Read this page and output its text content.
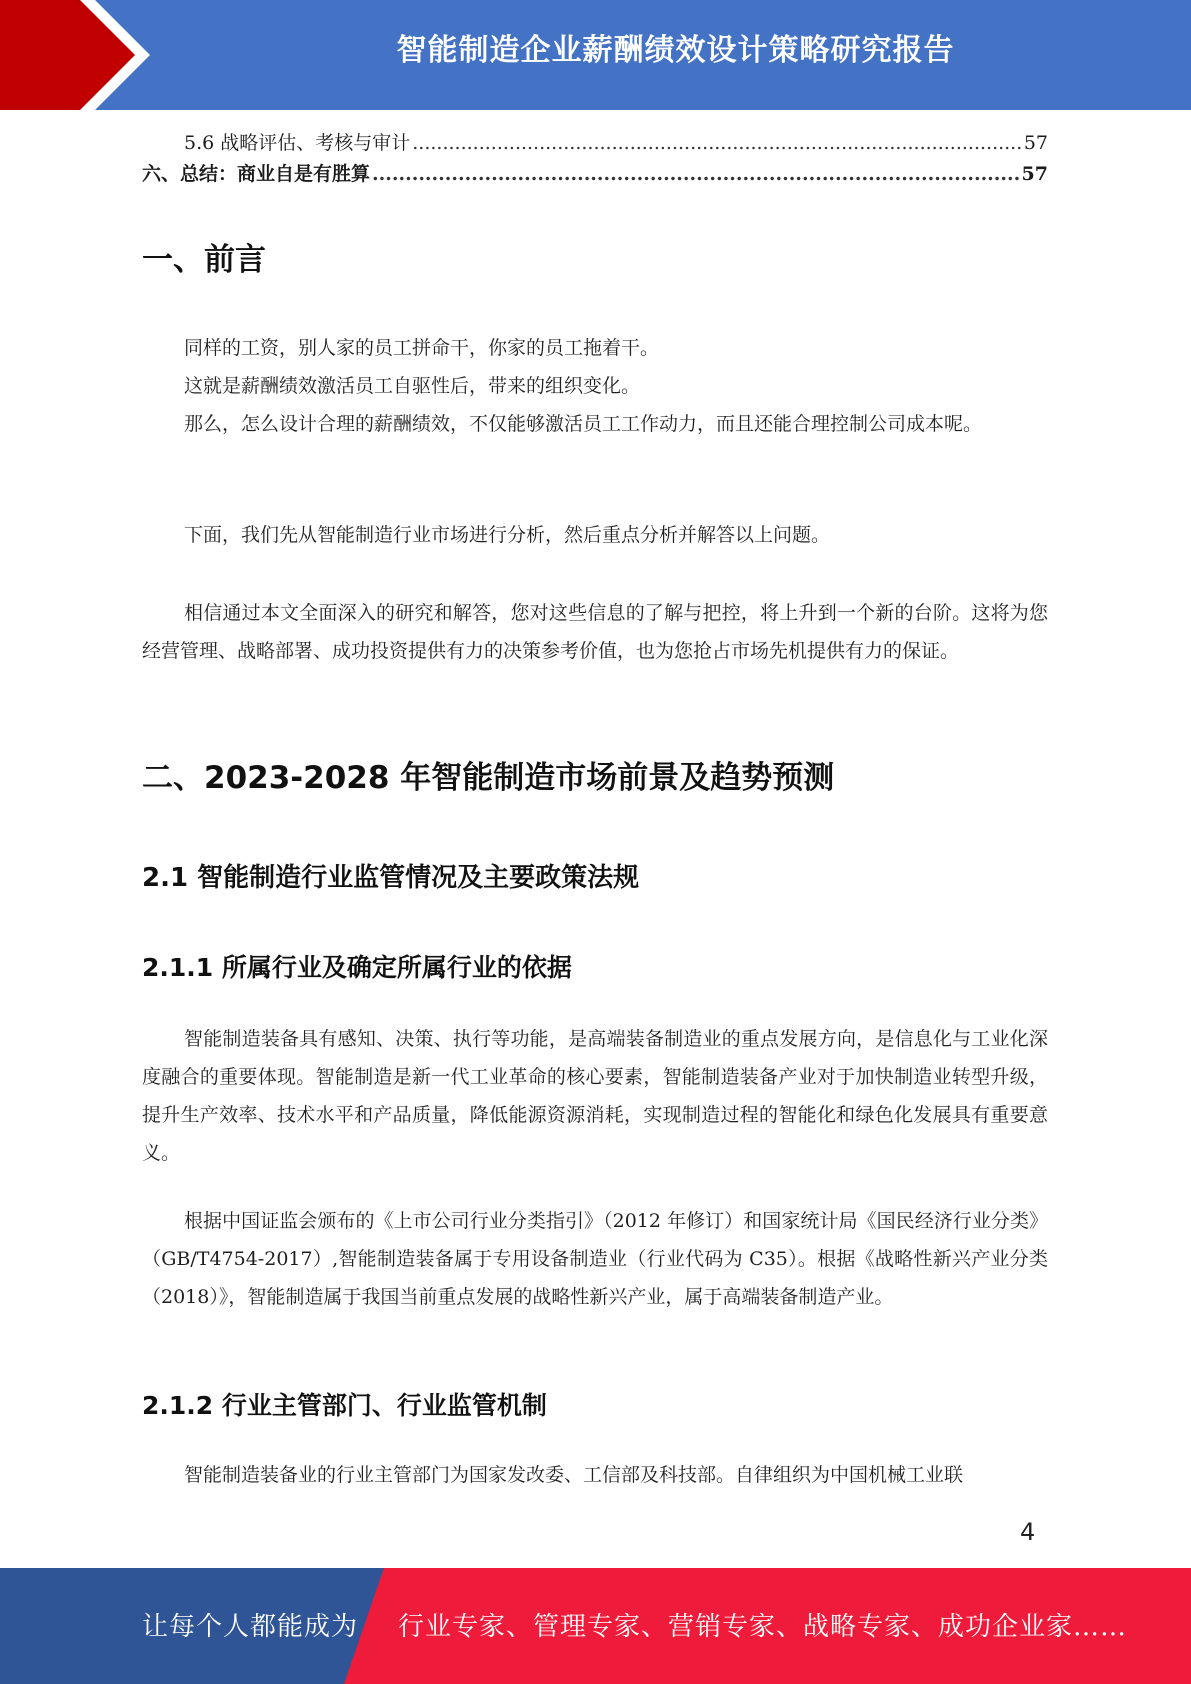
智能制造企业薪酬绩效设计策略研究报告
5.6 战略评估、考核与审计 .....	57
六、总结：商业自是有胜算 .....	57
一、前言
同样的工资，别人家的员工拼命干，你家的员工拖着干。
这就是薪酬绩效激活员工自驱性后，带来的组织变化。
那么，怎么设计合理的薪酬绩效，不仅能够激活员工工作动力，而且还能合理控制公司成本呢。
下面，我们先从智能制造行业市场进行分析，然后重点分析并解答以上问题。
相信通过本文全面深入的研究和解答，您对这些信息的了解与把控，将上升到一个新的台阶。这将为您经营管理、战略部署、成功投资提供有力的决策参考价值，也为您抢占市场先机提供有力的保证。
二、2023-2028 年智能制造市场前景及趋势预测
2.1 智能制造行业监管情况及主要政策法规
2.1.1 所属行业及确定所属行业的依据
智能制造装备具有感知、决策、执行等功能，是高端装备制造业的重点发展方向，是信息化与工业化深度融合的重要体现。智能制造是新一代工业革命的核心要素，智能制造装备产业对于加快制造业转型升级，提升生产效率、技术水平和产品质量，降低能源资源消耗，实现制造过程的智能化和绿色化发展具有重要意义。
根据中国证监会颁布的《上市公司行业分类指引》（2012 年修订）和国家统计局《国民经济行业分类》（GB/T4754-2017）,智能制造装备属于专用设备制造业（行业代码为 C35）。根据《战略性新兴产业分类（2018）》，智能制造属于我国当前重点发展的战略性新兴产业，属于高端装备制造产业。
2.1.2 行业主管部门、行业监管机制
智能制造装备业的行业主管部门为国家发改委、工信部及科技部。自律组织为中国机械工业联
4
让每个人都能成为 行业专家、管理专家、营销专家、战略专家、成功企业家……
